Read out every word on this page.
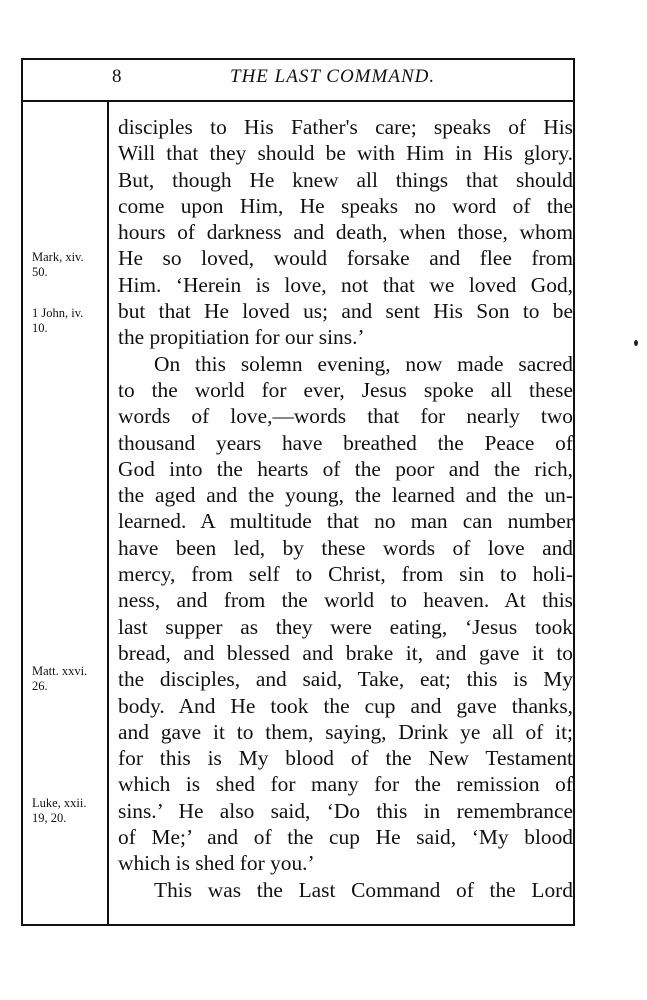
8	THE LAST COMMAND.
Mark, xiv.
50.
1 John, iv.
10.
Matt. xxvi.
26.
Luke, xxii.
19, 20.
disciples to His Father's care; speaks of His
Will that they should be with Him in His glory.
But, though He knew all things that should
come upon Him, He speaks no word of the
hours of darkness and death, when those, whom
He so loved, would forsake and flee from
Him. ‘Herein is love, not that we loved God,
but that He loved us; and sent His Son to be
the propitiation for our sins.’
On this solemn evening, now made sacred
to the world for ever, Jesus spoke all these
words of love,—words that for nearly two
thousand years have breathed the Peace of
God into the hearts of the poor and the rich,
the aged and the young, the learned and the un-
learned. A multitude that no man can number
have been led, by these words of love and
mercy, from self to Christ, from sin to holi-
ness, and from the world to heaven. At this
last supper as they were eating, ‘Jesus took
bread, and blessed and brake it, and gave it to
the disciples, and said, Take, eat; this is My
body. And He took the cup and gave thanks,
and gave it to them, saying, Drink ye all of it;
for this is My blood of the New Testament
which is shed for many for the remission of
sins.’ He also said, ‘Do this in remembrance
of Me;’ and of the cup He said, ‘My blood
which is shed for you.’
This was the Last Command of the Lord
